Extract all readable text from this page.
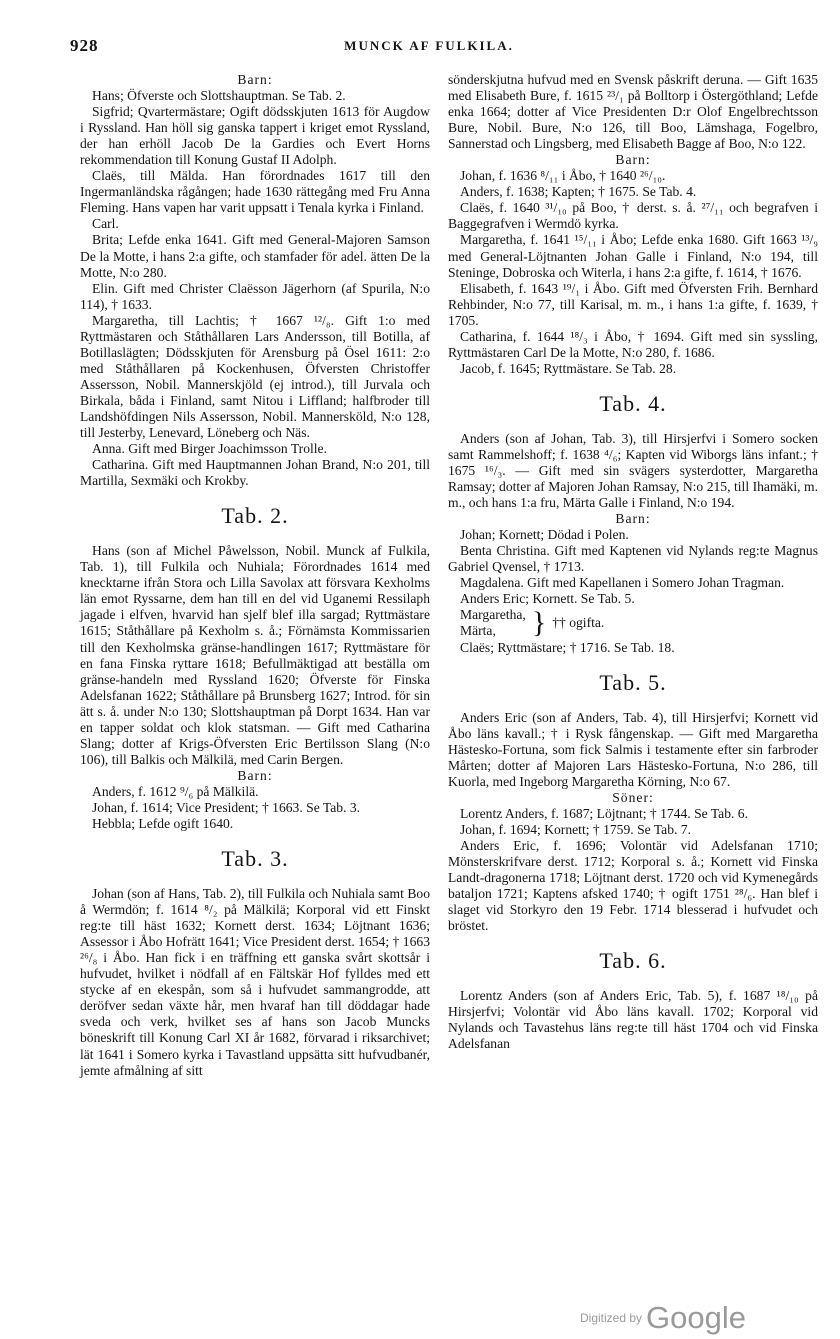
928	MUNCK AF FULKILA.

Barn:

Hans; Öfverste och Slottshauptman. Se Tab. 2.

Sigfrid; Qvartermästare; Ogift dödsskjuten 1613 för Augdow i Ryssland. Han höll sig ganska tappert i kriget emot Ryssland, der han erhöll Jacob De la Gardies och Evert Horns rekommendation till Konung Gustaf II Adolph.

Claës, till Mälda. Han förordnades 1617 till den Ingermanländska rågången; hade 1630 rättegång med Fru Anna Fleming. Hans vapen har varit uppsatt i Tenala kyrka i Finland.

Carl.

Brita; Lefde enka 1641. Gift med General-Majoren Samson De la Motte, i hans 2:a gifte, och stamfader för adel. ätten De la Motte, N:o 280.

Elin. Gift med Christer Claësson Jägerhorn (af Spurila, N:o 114), † 1633.

Margaretha, till Lachtis; † 1667 ¹²/₈. Gift 1:o med Ryttmästaren och Ståthållaren Lars Andersson, till Botilla, af Botillaslägten; Dödsskjuten för Arensburg på Ösel 1611: 2:o med Ståthållaren på Kockenhusen, Öfversten Christoffer Assersson, Nobil. Mannerskjöld (ej introd.), till Jurvala och Birkala, båda i Finland, samt Nitou i Liffland; halfbroder till Landshöfdingen Nils Assersson, Nobil. Mannersköld, N:o 128, till Jesterby, Lenevard, Löneberg och Näs.

Anna. Gift med Birger Joachimsson Trolle.

Catharina. Gift med Hauptmannen Johan Brand, N:o 201, till Martilla, Sexmäki och Krokby.

Tab. 2.

Hans (son af Michel Påwelsson, Nobil. Munck af Fulkila, Tab. 1), till Fulkila och Nuhiala; Förordnades 1614 med knecktarne ifrån Stora och Lilla Savolax att försvara Kexholms län emot Ryssarne, dem han till en del vid Uganemi Ressilaph jagade i elfven, hvarvid han sjelf blef illa sargad; Ryttmästare 1615; Ståthållare på Kexholm s. å.; Förnämsta Kommissarien till den Kexholmska gränse-handlingen 1617; Ryttmästare för en fana Finska ryttare 1618; Befullmäktigad att beställa om gränse-handeln med Ryssland 1620; Öfverste för Finska Adelsfanan 1622; Ståthållare på Brunsberg 1627; Introd. för sin ätt s. å. under N:o 130; Slottshauptman på Dorpt 1634. Han var en tapper soldat och klok statsman. — Gift med Catharina Slang; dotter af Krigs-Öfversten Eric Bertilsson Slang (N:o 106), till Balkis och Mälkilä, med Carin Bergen.

Barn:

Anders, f. 1612 ⁹/₆ på Mälkilä.

Johan, f. 1614; Vice President; † 1663. Se Tab. 3.

Hebbla; Lefde ogift 1640.

Tab. 3.

Johan (son af Hans, Tab. 2), till Fulkila och Nuhiala samt Boo å Wermdön; f. 1614 ⁸/₂ på Mälkilä; Korporal vid ett Finskt reg:te till häst 1632; Kornett derst. 1634; Löjtnant 1636; Assessor i Åbo Hofrätt 1641; Vice President derst. 1654; † 1663 ²⁶/₈ i Åbo. Han fick i en träffning ett ganska svårt skottsår i hufvudet, hvilket i nödfall af en Fältskär Hof fylldes med ett stycke af en ekespån, som så i hufvudet sammangrodde, att deröfver sedan växte hår, men hvaraf han till döddagar hade sveda och verk, hvilket ses af hans son Jacob Muncks böneskrift till Konung Carl XI år 1682, förvarad i riksarchivet; lät 1641 i Somero kyrka i Tavastland uppsätta sitt hufvudbanér, jemte afmålning af sitt

sönderskjutna hufvud med en Svensk påskrift deruna. — Gift 1635 med Elisabeth Bure, f. 1615 ²³/₁ på Bolltorp i Östergöthland; Lefde enka 1664; dotter af Vice Presidenten D:r Olof Engelbrechtsson Bure, Nobil. Bure, N:o 126, till Boo, Lämshaga, Fogelbro, Sannerstad och Lingsberg, med Elisabeth Bagge af Boo, N:o 122.

Barn:

Johan, f. 1636 ⁸/₁₁ i Åbo, † 1640 ²⁶/₁₀.

Anders, f. 1638; Kapten; † 1675. Se Tab. 4.

Claës, f. 1640 ³¹/₁₀ på Boo, † derst. s. å. ²⁷/₁₁ och begrafven i Baggegrafven i Wermdö kyrka.

Margaretha, f. 1641 ¹⁵/₁₁ i Åbo; Lefde enka 1680. Gift 1663 ¹³/₉ med General-Löjtnanten Johan Galle i Finland, N:o 194, till Steninge, Dobroska och Witerla, i hans 2:a gifte, f. 1614, † 1676.

Elisabeth, f. 1643 ¹⁹/₁ i Åbo. Gift med Öfversten Frih. Bernhard Rehbinder, N:o 77, till Karisal, m. m., i hans 1:a gifte, f. 1639, † 1705.

Catharina, f. 1644 ¹⁸/₃ i Åbo, † 1694. Gift med sin syssling, Ryttmästaren Carl De la Motte, N:o 280, f. 1686.

Jacob, f. 1645; Ryttmästare. Se Tab. 28.

Tab. 4.

Anders (son af Johan, Tab. 3), till Hirsjerfvi i Somero socken samt Rammelshoff; f. 1638 ⁴/₆; Kapten vid Wiborgs läns infant.; † 1675 ¹⁶/₃. — Gift med sin svägers systerdotter, Margaretha Ramsay; dotter af Majoren Johan Ramsay, N:o 215, till Ihamäki, m. m., och hans 1:a fru, Märta Galle i Finland, N:o 194.

Barn:

Johan; Kornett; Dödad i Polen.

Benta Christina. Gift med Kaptenen vid Nylands reg:te Magnus Gabriel Qvensel, † 1713.

Magdalena. Gift med Kapellanen i Somero Johan Tragman.

Anders Eric; Kornett. Se Tab. 5.

Margaretha,
Märta,	} †† ogifta.

Claës; Ryttmästare; † 1716. Se Tab. 18.

Tab. 5.

Anders Eric (son af Anders, Tab. 4), till Hirsjerfvi; Kornett vid Åbo läns kavall.; † i Rysk fångenskap. — Gift med Margaretha Hästesko-Fortuna, som fick Salmis i testamente efter sin farbroder Mårten; dotter af Majoren Lars Hästesko-Fortuna, N:o 286, till Kuorla, med Ingeborg Margaretha Körning, N:o 67.

Söner:

Lorentz Anders, f. 1687; Löjtnant; † 1744. Se Tab. 6.

Johan, f. 1694; Kornett; † 1759. Se Tab. 7.

Anders Eric, f. 1696; Volontär vid Adelsfanan 1710; Mönsterskrifvare derst. 1712; Korporal s. å.; Kornett vid Finska Landt-dragonerna 1718; Löjtnant derst. 1720 och vid Kymenegårds bataljon 1721; Kaptens afsked 1740; † ogift 1751 ²⁸/₆. Han blef i slaget vid Storkyro den 19 Febr. 1714 blesserad i hufvudet och bröstet.

Tab. 6.

Lorentz Anders (son af Anders Eric, Tab. 5), f. 1687 ¹⁸/₁₀ på Hirsjerfvi; Volontär vid Åbo läns kavall. 1702; Korporal vid Nylands och Tavastehus läns reg:te till häst 1704 och vid Finska Adelsfanan

Digitized by Google
